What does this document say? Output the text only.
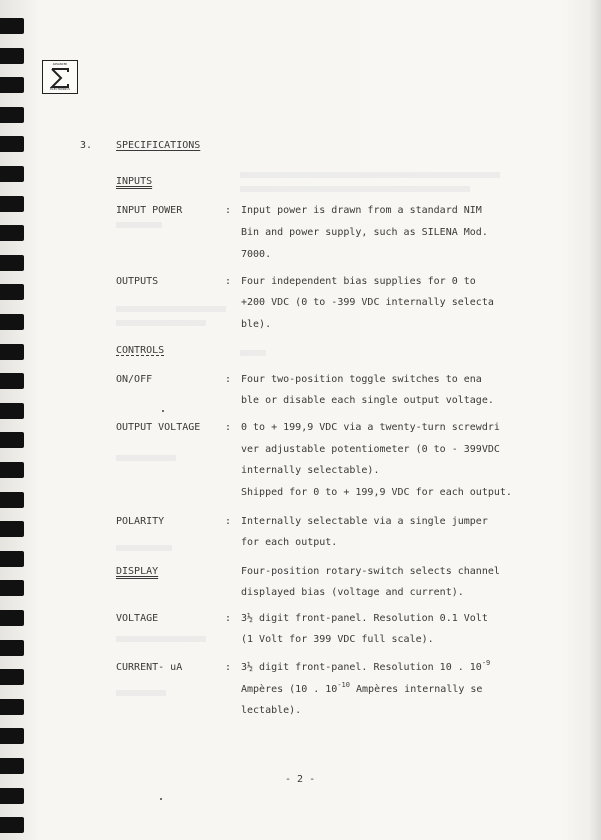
ADVANCED
ELECTRONICS
3. SPECIFICATIONS
INPUTS
INPUT POWER	: Input power is drawn from a standard NIM
Bin and power supply, such as SILENA Mod.
7000.
OUTPUTS	: Four independent bias supplies for 0 to
+200 VDC (0 to -399 VDC internally selecta
ble).
CONTROLS
ON/OFF	: Four two-position toggle switches to ena
ble or disable each single output voltage.
OUTPUT VOLTAGE : 0 to + 199,9 VDC via a twenty-turn screwdri
ver adjustable potentiometer (0 to - 399VDC
internally selectable).
Shipped for 0 to + 199,9 VDC for each output.
POLARITY	: Internally selectable via a single jumper
for each output.
DISPLAY	Four-position rotary-switch selects channel
displayed bias (voltage and current).
VOLTAGE	: 3½ digit front-panel. Resolution 0.1 Volt
(1 Volt for 399 VDC full scale).
CURRENT- uA	: 3½ digit front-panel. Resolution 10 . $10^{-9}$
Ampères (10 . $10^{-10}$ Ampères internally se
lectable).
- 2 -
